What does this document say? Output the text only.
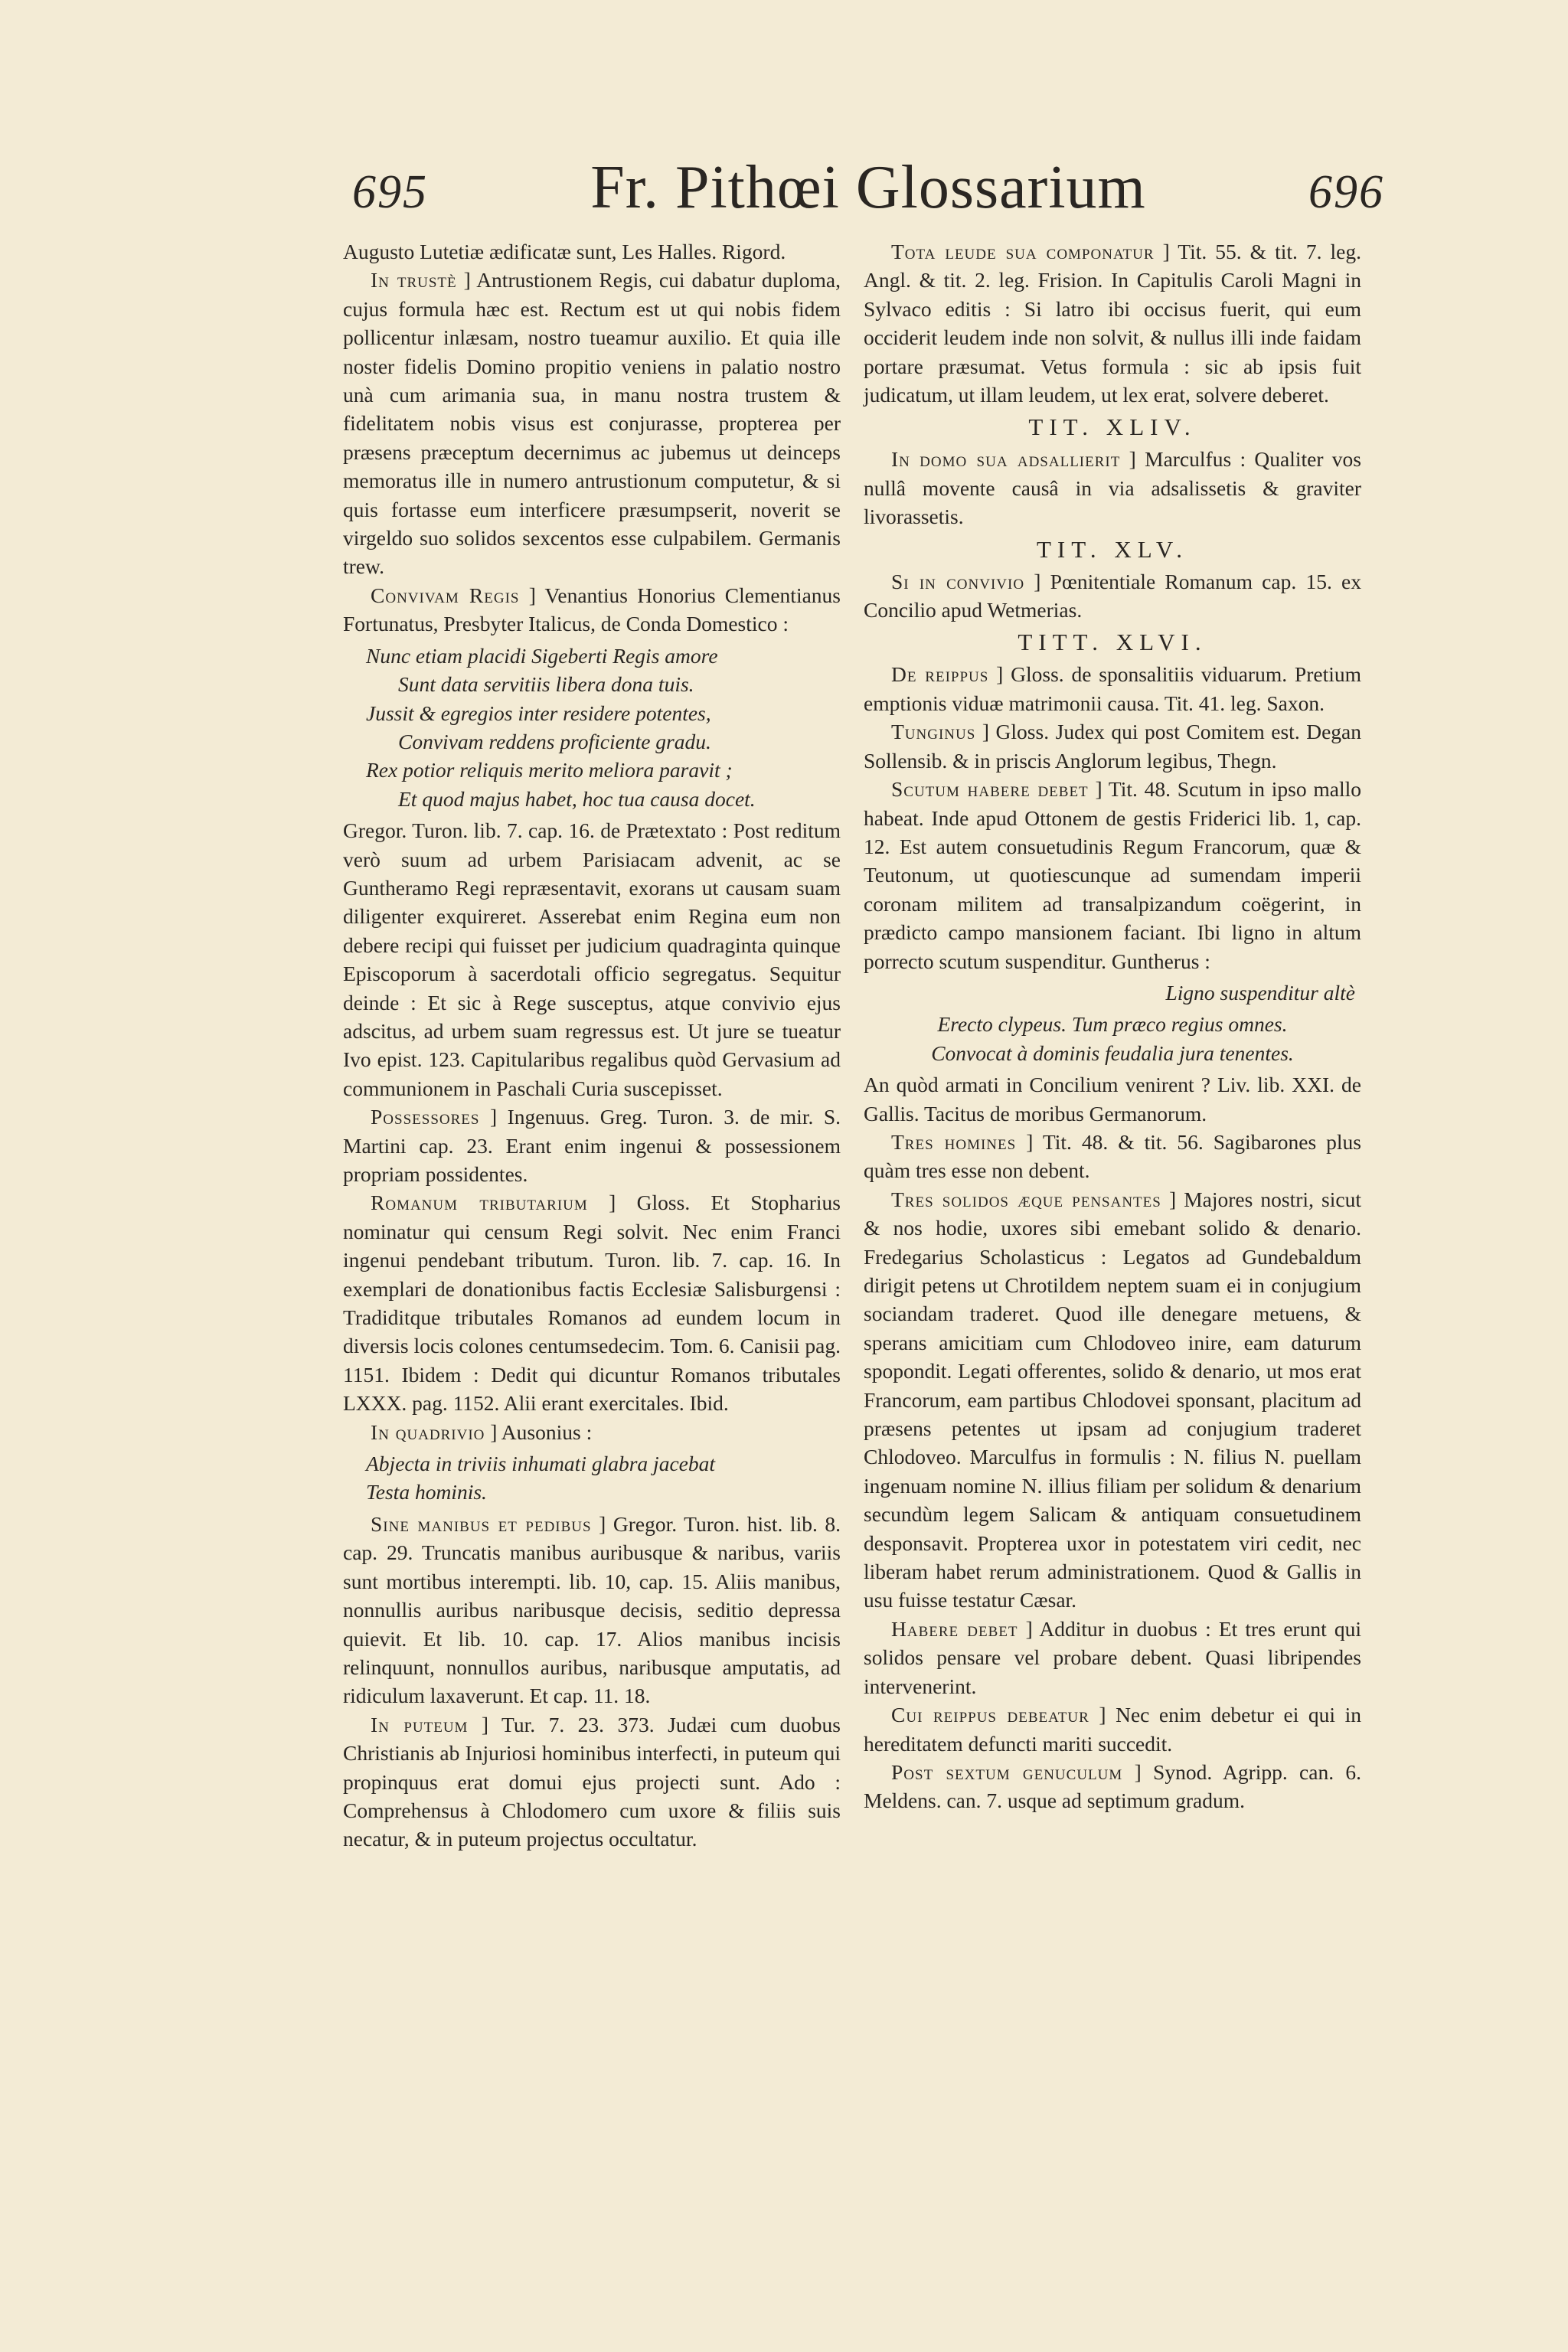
695	Fr. Pithœi Glossarium	696

Augusto Lutetiæ ædificatæ sunt, Les Halles. Rigord.

In trustè ] Antrustionem Regis, cui dabatur duploma, cujus formula hæc est. Rectum est ut qui nobis fidem pollicentur inlæsam, nostro tueamur auxilio. Et quia ille noster fidelis Domino propitio veniens in palatio nostro unà cum arimania sua, in manu nostra trustem & fidelitatem nobis visus est conjurasse, propterea per præsens præceptum decernimus ac jubemus ut deinceps memoratus ille in numero antrustionum computetur, & si quis fortasse eum interficere præsumpserit, noverit se virgeldo suo solidos sexcentos esse culpabilem. Germanis trew.

Convivam Regis ] Venantius Honorius Clementianus Fortunatus, Presbyter Italicus, de Conda Domestico :

Nunc etiam placidi Sigeberti Regis amore
Sunt data servitiis libera dona tuis.
Jussit & egregios inter residere potentes,
Convivam reddens proficiente gradu.
Rex potior reliquis merito meliora paravit ;
Et quod majus habet, hoc tua causa docet.

Gregor. Turon. lib. 7. cap. 16. de Prætextato : Post reditum verò suum ad urbem Parisiacam advenit, ac se Guntheramo Regi repræsentavit, exorans ut causam suam diligenter exquireret. Asserebat enim Regina eum non debere recipi qui fuisset per judicium quadraginta quinque Episcoporum à sacerdotali officio segregatus. Sequitur deinde : Et sic à Rege susceptus, atque convivio ejus adscitus, ad urbem suam regressus est. Ut jure se tueatur Ivo epist. 123. Capitularibus regalibus quòd Gervasium ad communionem in Paschali Curia suscepisset.

Possessores ] Ingenuus. Greg. Turon. 3. de mir. S. Martini cap. 23. Erant enim ingenui & possessionem propriam possidentes.

Romanum tributarium ] Gloss. Et Stopharius nominatur qui censum Regi solvit. Nec enim Franci ingenui pendebant tributum. Turon. lib. 7. cap. 16. In exemplari de donationibus factis Ecclesiæ Salisburgensi : Tradiditque tributales Romanos ad eundem locum in diversis locis colones centumsedecim. Tom. 6. Canisii pag. 1151. Ibidem : Dedit qui dicuntur Romanos tributales LXXX. pag. 1152. Alii erant exercitales. Ibid.

In quadrivio ] Ausonius :

Abjecta in triviis inhumati glabra jacebat
Testa hominis.

Sine manibus et pedibus ] Gregor. Turon. hist. lib. 8. cap. 29. Truncatis manibus auribusque & naribus, variis sunt mortibus interempti. lib. 10, cap. 15. Aliis manibus, nonnullis auribus naribusque decisis, seditio depressa quievit. Et lib. 10. cap. 17. Alios manibus incisis relinquunt, nonnullos auribus, naribusque amputatis, ad ridiculum laxaverunt. Et cap. 11. 18.

In puteum ] Tur. 7. 23. 373. Judæi cum duobus Christianis ab Injuriosi hominibus interfecti, in puteum qui propinquus erat domui ejus projecti sunt. Ado : Comprehensus à Chlodomero cum uxore & filiis suis necatur, & in puteum projectus occultatur.

Tota leude sua componatur ] Tit. 55. & tit. 7. leg. Angl. & tit. 2. leg. Frision. In Capitulis Caroli Magni in Sylvaco editis : Si latro ibi occisus fuerit, qui eum occiderit leudem inde non solvit, & nullus illi inde faidam portare præsumat. Vetus formula : sic ab ipsis fuit judicatum, ut illam leudem, ut lex erat, solvere deberet.

TIT. XLIV.

In domo sua adsallierit ] Marculfus : Qualiter vos nullâ movente causâ in via adsalissetis & graviter livorassetis.

TIT. XLV.

Si in convivio ] Pœnitentiale Romanum cap. 15. ex Concilio apud Wetmerias.

TITT. XLVI.

De reippus ] Gloss. de sponsalitiis viduarum. Pretium emptionis viduæ matrimonii causa. Tit. 41. leg. Saxon.

Tunginus ] Gloss. Judex qui post Comitem est. Degan Sollensib. & in priscis Anglorum legibus, Thegn.

Scutum habere debet ] Tit. 48. Scutum in ipso mallo habeat. Inde apud Ottonem de gestis Friderici lib. 1, cap. 12. Est autem consuetudinis Regum Francorum, quæ & Teutonum, ut quotiescunque ad sumendam imperii coronam militem ad transalpizandum coëgerint, in prædicto campo mansionem faciant. Ibi ligno in altum porrecto scutum suspenditur. Guntherus :

Ligno suspenditur altè

Erecto clypeus. Tum præco regius omnes.
Convocat à dominis feudalia jura tenentes.

An quòd armati in Concilium venirent ? Liv. lib. XXI. de Gallis. Tacitus de moribus Germanorum.

Tres homines ] Tit. 48. & tit. 56. Sagibarones plus quàm tres esse non debent.

Tres solidos æque pensantes ] Majores nostri, sicut & nos hodie, uxores sibi emebant solido & denario. Fredegarius Scholasticus : Legatos ad Gundebaldum dirigit petens ut Chrotildem neptem suam ei in conjugium sociandam traderet. Quod ille denegare metuens, & sperans amicitiam cum Chlodoveo inire, eam daturum spopondit. Legati offerentes, solido & denario, ut mos erat Francorum, eam partibus Chlodovei sponsant, placitum ad præsens petentes ut ipsam ad conjugium traderet Chlodoveo. Marculfus in formulis : N. filius N. puellam ingenuam nomine N. illius filiam per solidum & denarium secundùm legem Salicam & antiquam consuetudinem desponsavit. Propterea uxor in potestatem viri cedit, nec liberam habet rerum administrationem. Quod & Gallis in usu fuisse testatur Cæsar.

Habere debet ] Additur in duobus : Et tres erunt qui solidos pensare vel probare debent. Quasi libripendes intervenerint.

Cui reippus debeatur ] Nec enim debetur ei qui in hereditatem defuncti mariti succedit.

Post sextum genuculum ] Synod. Agripp. can. 6. Meldens. can. 7. usque ad septimum gradum.
